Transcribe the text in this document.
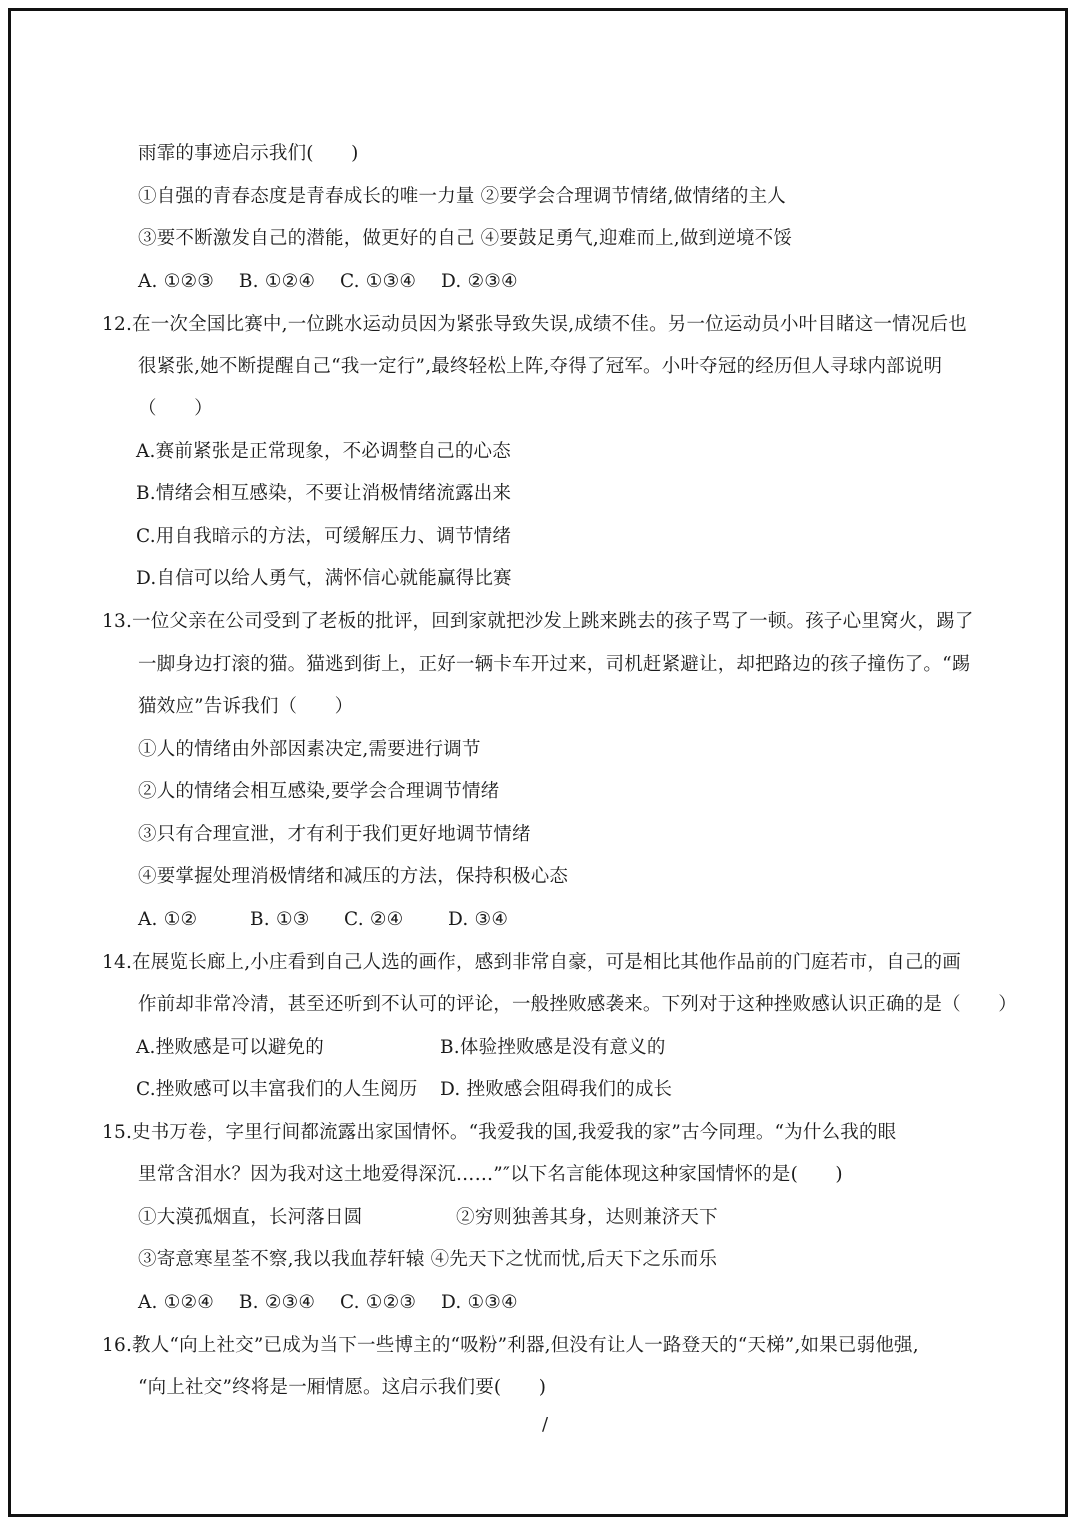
雨霏的事迹启示我们(　　)
①自强的青春态度是青春成长的唯一力量 ②要学会合理调节情绪,做情绪的主人
③要不断激发自己的潜能，做更好的自己 ④要鼓足勇气,迎难而上,做到逆境不馁
A. ①②③　 B. ①②④　 C. ①③④　 D. ②③④
12.在一次全国比赛中,一位跳水运动员因为紧张导致失误,成绩不佳。另一位运动员小叶目睹这一情况后也
很紧张,她不断提醒自己“我一定行”,最终轻松上阵,夺得了冠军。小叶夺冠的经历但人寻球内部说明
（　　）
A.赛前紧张是正常现象，不必调整自己的心态
B.情绪会相互感染，不要让消极情绪流露出来
C.用自我暗示的方法，可缓解压力、调节情绪
D.自信可以给人勇气，满怀信心就能赢得比赛
13.一位父亲在公司受到了老板的批评，回到家就把沙发上跳来跳去的孩子骂了一顿。孩子心里窝火，踢了
一脚身边打滚的猫。猫逃到街上，正好一辆卡车开过来，司机赶紧避让，却把路边的孩子撞伤了。“踢
猫效应”告诉我们（　　）
①人的情绪由外部因素决定,需要进行调节
②人的情绪会相互感染,要学会合理调节情绪
③只有合理宣泄，才有利于我们更好地调节情绪
④要掌握处理消极情绪和减压的方法，保持积极心态
A. ①②	B. ①③ C. ②④ D. ③④
14.在展览长廊上,小庄看到自己人选的画作，感到非常自豪，可是相比其他作品前的门庭若市，自己的画
作前却非常冷清，甚至还听到不认可的评论，一般挫败感袭来。下列对于这种挫败感认识正确的是（　　）
A.挫败感是可以避免的	B.体验挫败感是没有意义的
C.挫败感可以丰富我们的人生阅历 D. 挫败感会阻碍我们的成长
15.史书万卷，字里行间都流露出家国情怀。“我爱我的国,我爱我的家”古今同理。“为什么我的眼
里常含泪水？因为我对这土地爱得深沉……”″以下名言能体现这种家国情怀的是(　　)
①大漠孤烟直，长河落日圆	②穷则独善其身，达则兼济天下
③寄意寒星荃不察,我以我血荐轩辕 ④先天下之忧而忧,后天下之乐而乐
A. ①②④　 B. ②③④　 C. ①②③　 D. ①③④
16.教人“向上社交”已成为当下一些博主的“吸粉”利器,但没有让人一路登天的“天梯”,如果已弱他强,
“向上社交”终将是一厢情愿。这启示我们要(　　)
/
